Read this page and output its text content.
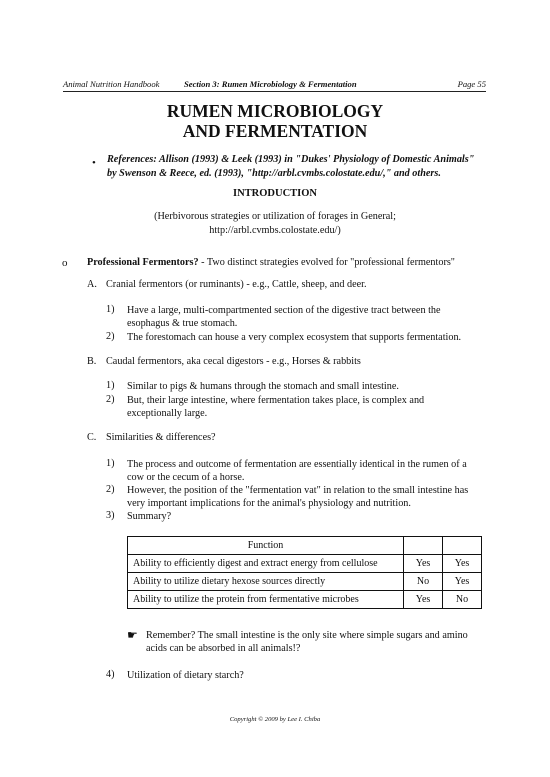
Animal Nutrition Handbook	Section 3: Rumen Microbiology & Fermentation	Page 55
RUMEN MICROBIOLOGY
AND FERMENTATION
• References: Allison (1993) & Leek (1993) in "Dukes' Physiology of Domestic Animals"
by Swenson & Reece, ed. (1993), "http://arbl.cvmbs.colostate.edu/," and others.
INTRODUCTION
(Herbivorous strategies or utilization of forages in General;
http://arbl.cvmbs.colostate.edu/)
o Professional Fermentors? - Two distinct strategies evolved for "professional fermentors"
A. Cranial fermentors (or ruminants) - e.g., Cattle, sheep, and deer.
1) Have a large, multi-compartmented section of the digestive tract between the
esophagus & true stomach.
2) The forestomach can house a very complex ecosystem that supports fermentation.
B. Caudal fermentors, aka cecal digestors - e.g., Horses & rabbits
1) Similar to pigs & humans through the stomach and small intestine.
2) But, their large intestine, where fermentation takes place, is complex and
exceptionally large.
C. Similarities & differences?
1) The process and outcome of fermentation are essentially identical in the rumen of a
cow or the cecum of a horse.
2) However, the position of the "fermentation vat" in relation to the small intestine has
very important implications for the animal's physiology and nutrition.
3) Summary?
Function		
Ability to efficiently digest and extract energy from cellulose	Yes	Yes
Ability to utilize dietary hexose sources directly	No	Yes
Ability to utilize the protein from fermentative microbes	Yes	No
☛ Remember? The small intestine is the only site where simple sugars and amino
acids can be absorbed in all animals!?
4) Utilization of dietary starch?
Copyright © 2009 by Lee I. Chiba
